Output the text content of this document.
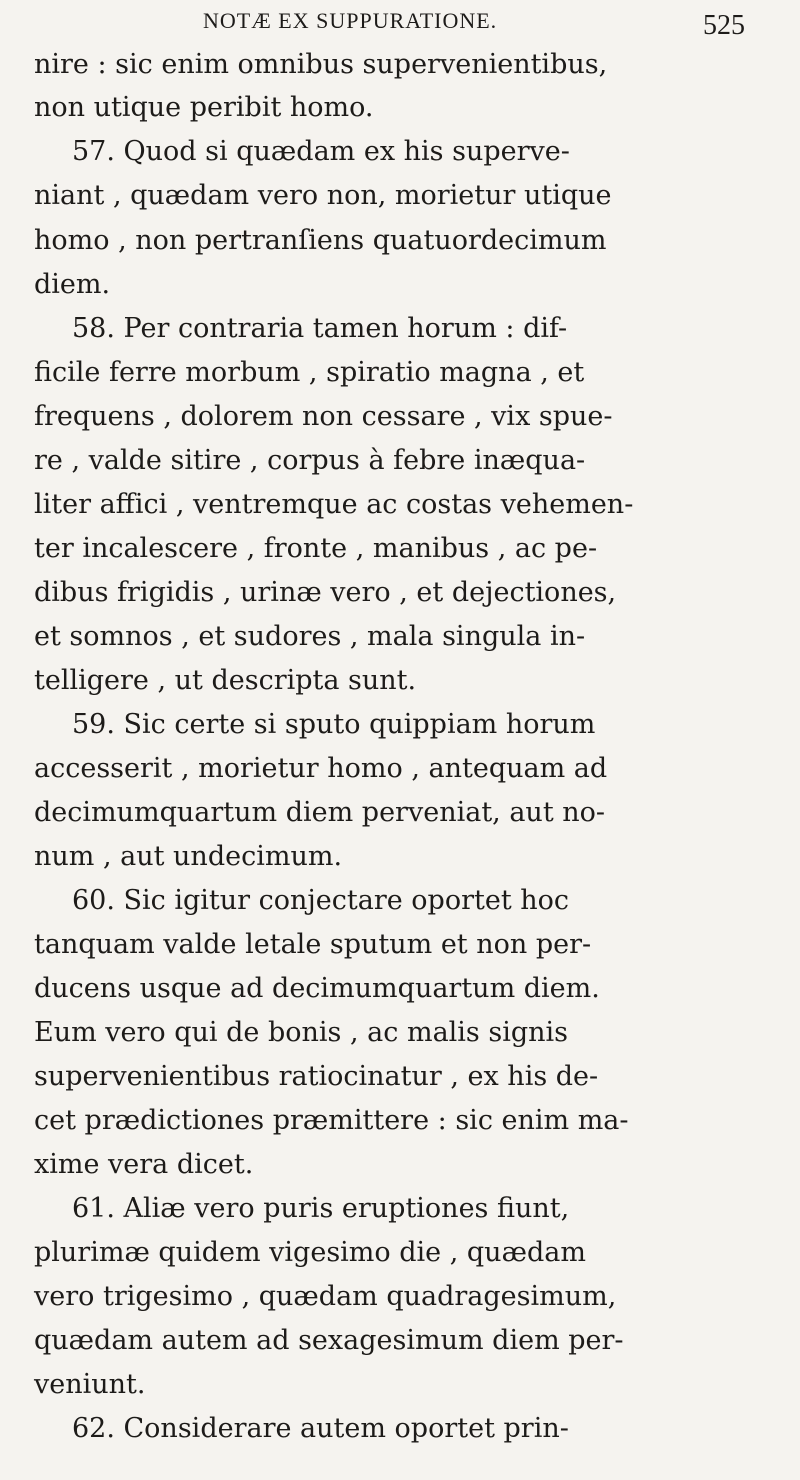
NOTÆ EX SUPPURATIONE.	525
nire : sic enim omnibus supervenientibus,
non utique peribit homo.
57. Quod si quædam ex his superve-
niant , quædam vero non, morietur utique
homo , non pertranſiens quatuordecimum
diem.
58. Per contraria tamen horum : dif-
ficile ferre morbum , spiratio magna , et
frequens , dolorem non cessare , vix spue-
re , valde sitire , corpus à febre inæqua-
liter affici , ventremque ac costas vehemen-
ter incalescere , fronte , manibus , ac pe-
dibus frigidis , urinæ vero , et dejectiones,
et somnos , et sudores , mala singula in-
telligere , ut descripta sunt.
59. Sic certe si sputo quippiam horum
accesserit , morietur homo , antequam ad
decimumquartum diem perveniat, aut no-
num , aut undecimum.
60. Sic igitur conjectare oportet hoc
tanquam valde letale sputum et non per-
ducens usque ad decimumquartum diem.
Eum vero qui de bonis , ac malis signis
supervenientibus ratiocinatur , ex his de-
cet prædictiones præmittere : sic enim ma-
xime vera dicet.
61. Aliæ vero puris eruptiones fiunt,
plurimæ quidem vigesimo die , quædam
vero trigesimo , quædam quadragesimum,
quædam autem ad sexagesimum diem per-
veniunt.
62. Considerare autem oportet prin-
